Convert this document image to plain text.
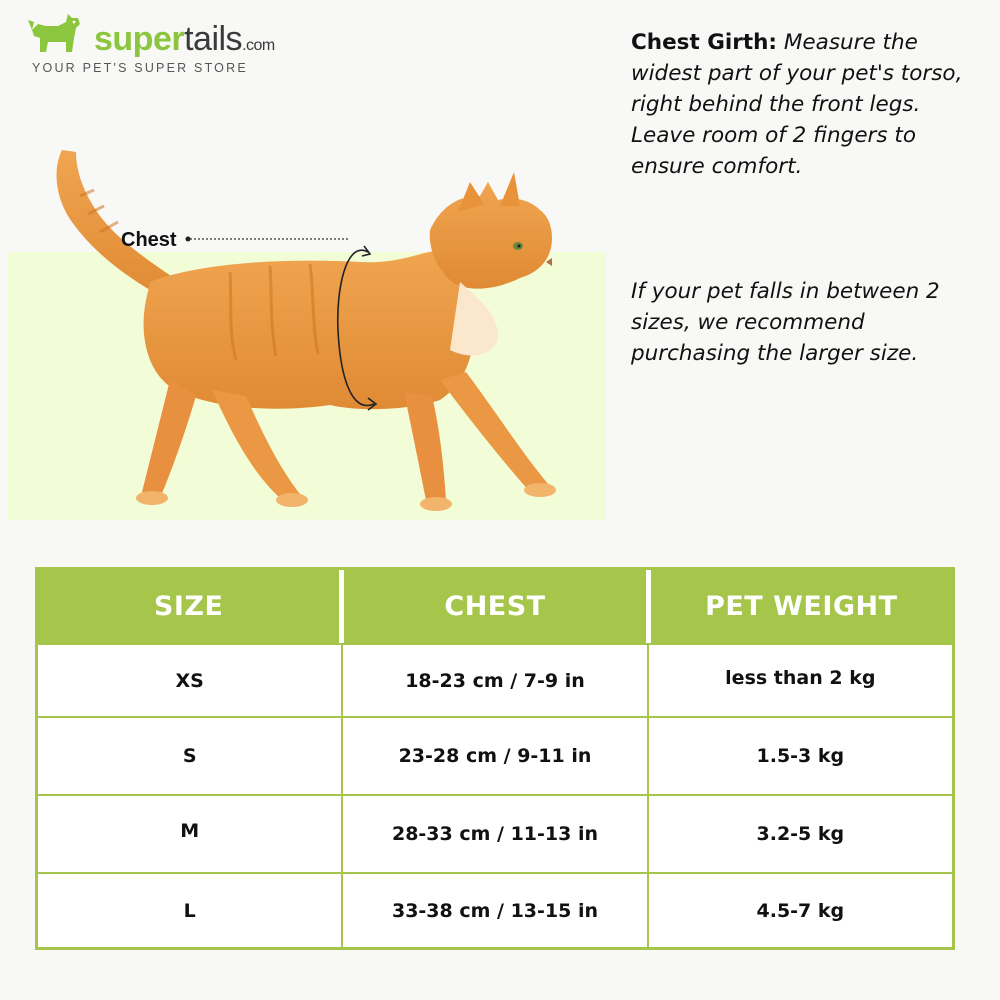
supertails.com
YOUR PET'S SUPER STORE
Chest
Chest Girth: Measure the widest part of your pet's torso, right behind the front legs. Leave room of 2 fingers to ensure comfort.
If your pet falls in between 2 sizes, we recommend purchasing the larger size.
SIZE	CHEST	PET WEIGHT
XS	18-23 cm / 7-9 in	less than 2 kg
S	23-28 cm / 9-11 in	1.5-3 kg
M	28-33 cm / 11-13 in	3.2-5 kg
L	33-38 cm / 13-15 in	4.5-7 kg
